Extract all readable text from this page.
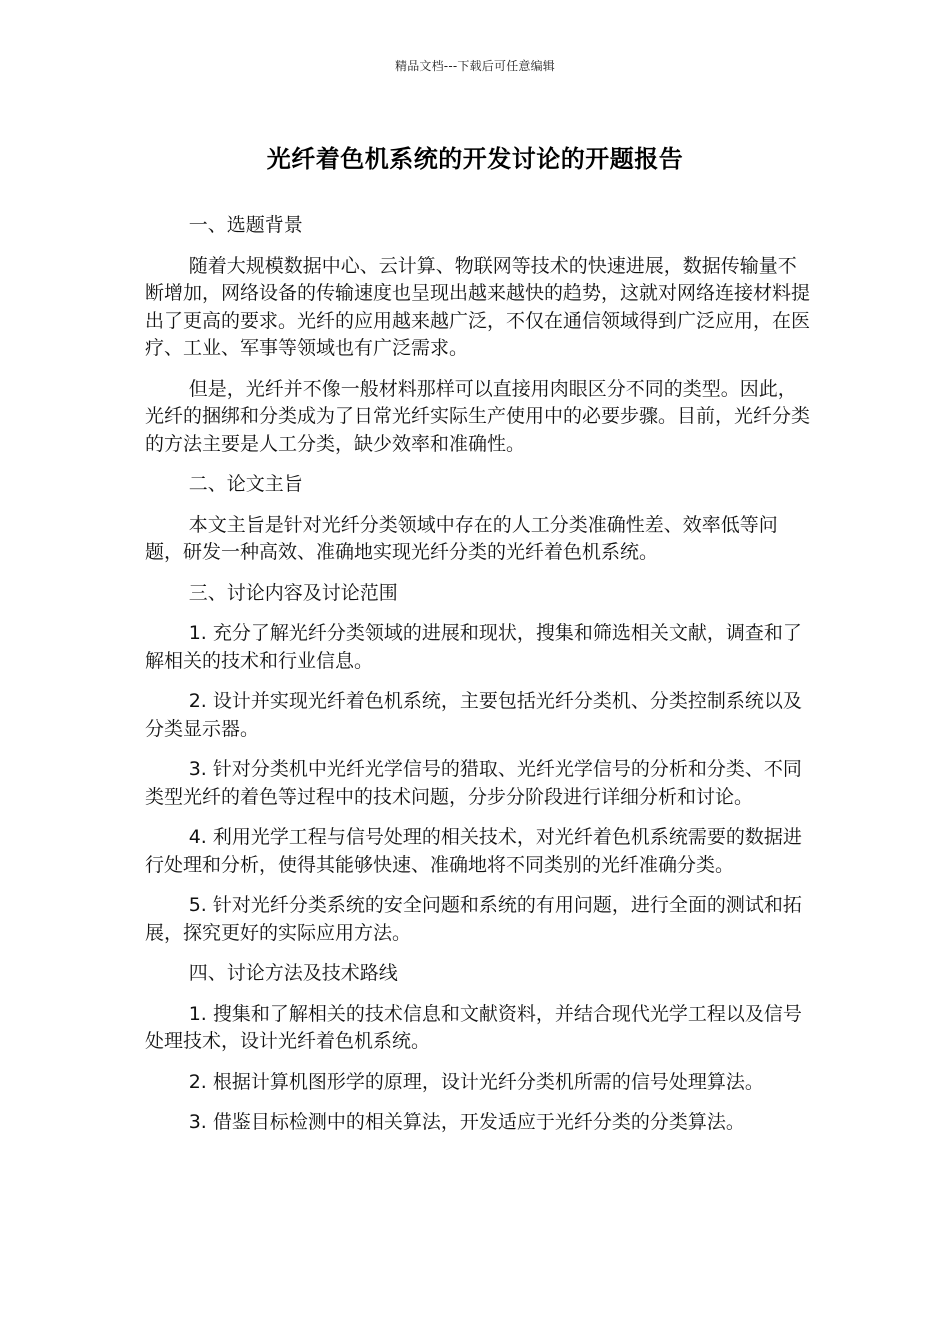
精品文档---下载后可任意编辑
光纤着色机系统的开发讨论的开题报告

一、选题背景

随着大规模数据中心、云计算、物联网等技术的快速进展，数据传输量不断增加，网络设备的传输速度也呈现出越来越快的趋势，这就对网络连接材料提出了更高的要求。光纤的应用越来越广泛，不仅在通信领域得到广泛应用，在医疗、工业、军事等领域也有广泛需求。

但是，光纤并不像一般材料那样可以直接用肉眼区分不同的类型。因此，光纤的捆绑和分类成为了日常光纤实际生产使用中的必要步骤。目前，光纤分类的方法主要是人工分类，缺少效率和准确性。

二、论文主旨

本文主旨是针对光纤分类领域中存在的人工分类准确性差、效率低等问题，研发一种高效、准确地实现光纤分类的光纤着色机系统。

三、讨论内容及讨论范围

1. 充分了解光纤分类领域的进展和现状，搜集和筛选相关文献，调查和了解相关的技术和行业信息。

2. 设计并实现光纤着色机系统，主要包括光纤分类机、分类控制系统以及分类显示器。

3. 针对分类机中光纤光学信号的猎取、光纤光学信号的分析和分类、不同类型光纤的着色等过程中的技术问题，分步分阶段进行详细分析和讨论。

4. 利用光学工程与信号处理的相关技术，对光纤着色机系统需要的数据进行处理和分析，使得其能够快速、准确地将不同类别的光纤准确分类。

5. 针对光纤分类系统的安全问题和系统的有用问题，进行全面的测试和拓展，探究更好的实际应用方法。

四、讨论方法及技术路线

1. 搜集和了解相关的技术信息和文献资料，并结合现代光学工程以及信号处理技术，设计光纤着色机系统。

2. 根据计算机图形学的原理，设计光纤分类机所需的信号处理算法。

3. 借鉴目标检测中的相关算法，开发适应于光纤分类的分类算法。
